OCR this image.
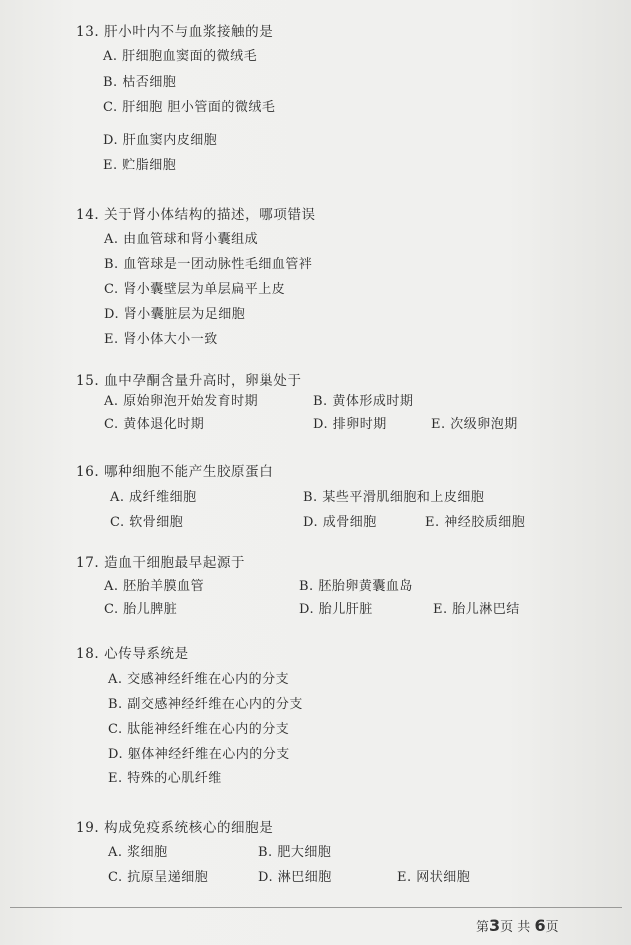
13. 肝小叶内不与血浆接触的是
A. 肝细胞血窦面的微绒毛
B. 枯否细胞
C. 肝细胞 胆小管面的微绒毛
D. 肝血窦内皮细胞
E. 贮脂细胞
14. 关于肾小体结构的描述，哪项错误
A. 由血管球和肾小囊组成
B. 血管球是一团动脉性毛细血管袢
C. 肾小囊壁层为单层扁平上皮
D. 肾小囊脏层为足细胞
E. 肾小体大小一致
15. 血中孕酮含量升高时，卵巢处于
A. 原始卵泡开始发育时期	B. 黄体形成时期
C. 黄体退化时期	D. 排卵时期	E. 次级卵泡期
16. 哪种细胞不能产生胶原蛋白
A. 成纤维细胞	B. 某些平滑肌细胞和上皮细胞
C. 软骨细胞	D. 成骨细胞	E. 神经胶质细胞
17. 造血干细胞最早起源于
A. 胚胎羊膜血管	B. 胚胎卵黄囊血岛
C. 胎儿脾脏	D. 胎儿肝脏	E. 胎儿淋巴结
18. 心传导系统是
A. 交感神经纤维在心内的分支
B. 副交感神经纤维在心内的分支
C. 肽能神经纤维在心内的分支
D. 躯体神经纤维在心内的分支
E. 特殊的心肌纤维
19. 构成免疫系统核心的细胞是
A. 浆细胞	B. 肥大细胞
C. 抗原呈递细胞	D. 淋巴细胞	E. 网状细胞
第3页 共 6页
